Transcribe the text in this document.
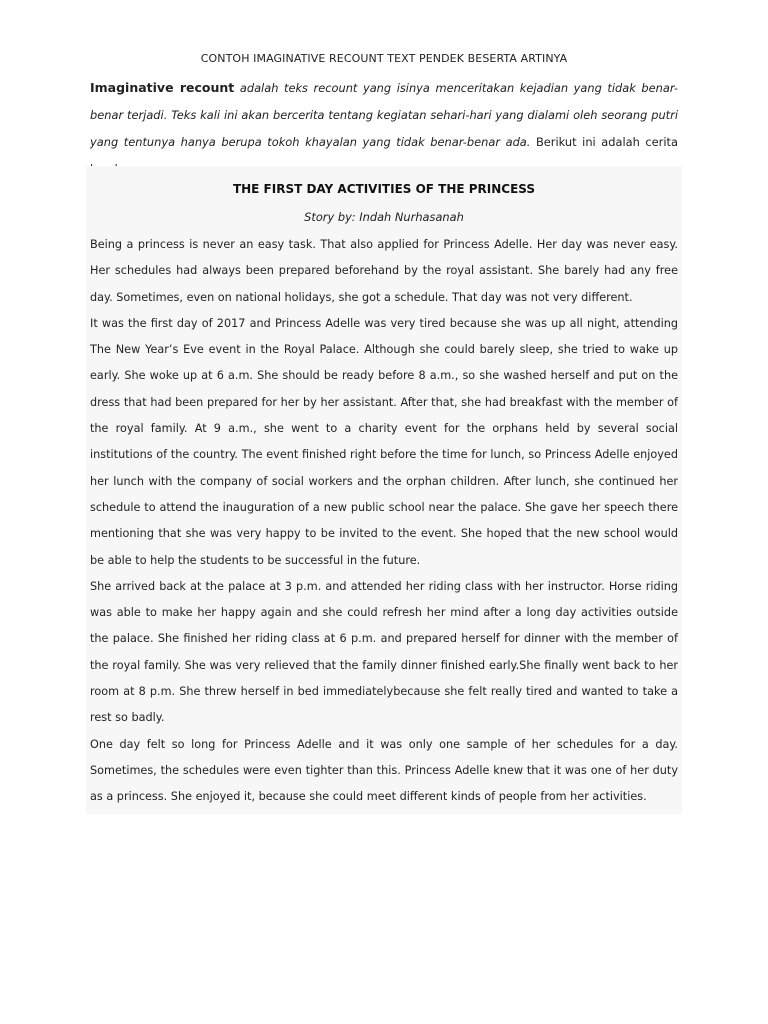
CONTOH IMAGINATIVE RECOUNT TEXT PENDEK BESERTA ARTINYA
Imaginative recount adalah teks recount yang isinya menceritakan kejadian yang tidak benar-benar terjadi. Teks kali ini akan bercerita tentang kegiatan sehari-hari yang dialami oleh seorang putri yang tentunya hanya berupa tokoh khayalan yang tidak benar-benar ada. Berikut ini adalah cerita
THE FIRST DAY ACTIVITIES OF THE PRINCESS
Story by: Indah Nurhasanah

Being a princess is never an easy task. That also applied for Princess Adelle. Her day was never easy. Her schedules had always been prepared beforehand by the royal assistant. She barely had any free day. Sometimes, even on national holidays, she got a schedule. That day was not very different.

It was the first day of 2017 and Princess Adelle was very tired because she was up all night, attending The New Year’s Eve event in the Royal Palace. Although she could barely sleep, she tried to wake up early. She woke up at 6 a.m. She should be ready before 8 a.m., so she washed herself and put on the dress that had been prepared for her by her assistant. After that, she had breakfast with the member of the royal family. At 9 a.m., she went to a charity event for the orphans held by several social institutions of the country. The event finished right before the time for lunch, so Princess Adelle enjoyed her lunch with the company of social workers and the orphan children. After lunch, she continued her schedule to attend the inauguration of a new public school near the palace. She gave her speech there mentioning that she was very happy to be invited to the event. She hoped that the new school would be able to help the students to be successful in the future.

She arrived back at the palace at 3 p.m. and attended her riding class with her instructor. Horse riding was able to make her happy again and she could refresh her mind after a long day activities outside the palace. She finished her riding class at 6 p.m. and prepared herself for dinner with the member of the royal family. She was very relieved that the family dinner finished early.She finally went back to her room at 8 p.m. She threw herself in bed immediatelybecause she felt really tired and wanted to take a rest so badly.

One day felt so long for Princess Adelle and it was only one sample of her schedules for a day. Sometimes, the schedules were even tighter than this. Princess Adelle knew that it was one of her duty as a princess. She enjoyed it, because she could meet different kinds of people from her activities.
